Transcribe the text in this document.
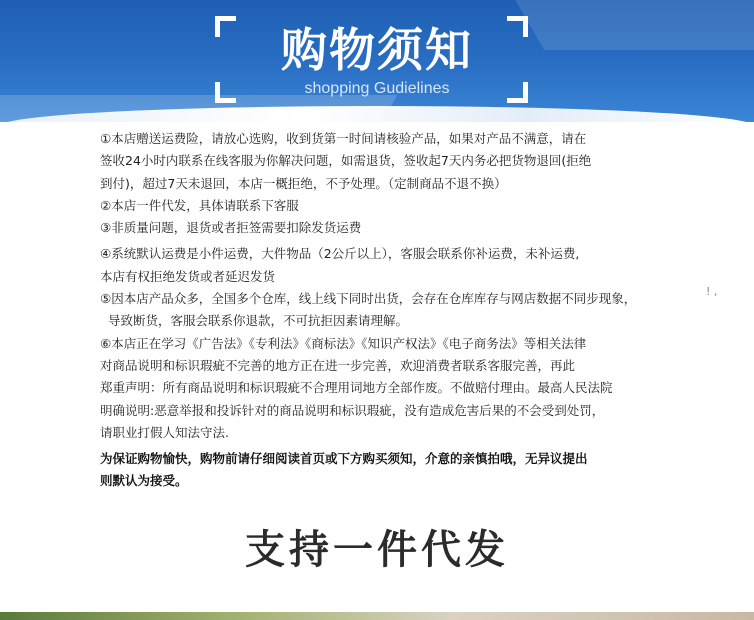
购物须知
shopping Gudielines

①本店赠送运费险，请放心选购，收到货第一时间请核验产品，如果对产品不满意，请在

签收24小时内联系在线客服为你解决问题，如需退货，签收起7天内务必把货物退回(拒绝

到付)，超过7天未退回，本店一概拒绝，不予处理。（定制商品不退不换）

②本店一件代发，具体请联系下客服

③非质量问题，退货或者拒签需要扣除发货运费

④系统默认运费是小件运费，大件物品（2公斤以上），客服会联系你补运费，未补运费,

本店有权拒绝发货或者延迟发货

⑤因本店产品众多，全国多个仓库，线上线下同时出货，会存在仓库库存与网店数据不同步现象，

导致断货，客服会联系你退款，不可抗拒因素请理解。

⑥本店正在学习《广告法》《专利法》《商标法》《知识产权法》《电子商务法》等相关法律

对商品说明和标识瑕疵不完善的地方正在进一步完善，欢迎消费者联系客服完善，再此

郑重声明：所有商品说明和标识瑕疵不合理用词地方全部作废。不做赔付理由。最高人民法院

明确说明:恶意举报和投诉针对的商品说明和标识瑕疵，没有造成危害后果的不会受到处罚，

请职业打假人知法守法.

为保证购物愉快，购物前请仔细阅读首页或下方购买须知，介意的亲慎拍哦，无异议提出

则默认为接受。

! ,
支持一件代发
